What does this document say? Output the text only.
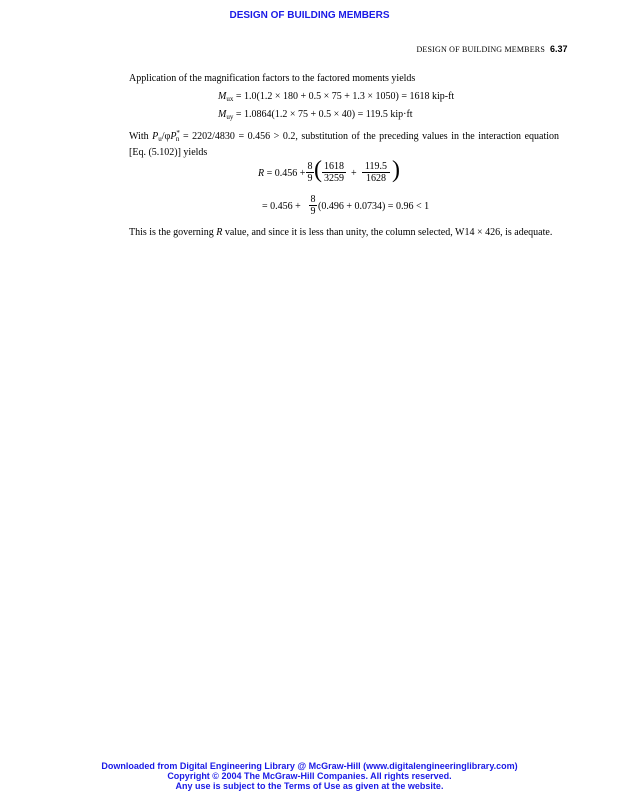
DESIGN OF BUILDING MEMBERS
DESIGN OF BUILDING MEMBERS 6.37
Application of the magnification factors to the factored moments yields
$M_{ux} = 1.0(1.2 \times 180 + 0.5 \times 75 + 1.3 \times 1050) = 1618$ kip-ft
$M_{uy} = 1.0864(1.2 \times 75 + 0.5 \times 40) = 119.5$ kip·ft
With $P_u/\varphi P^*_n = 2202/4830 = 0.456 > 0.2$, substitution of the preceding values in the interaction equation [Eq. (5.102)] yields
$R = 0.456 + \frac{8}{9}$ ( $\frac{1618}{3259} + \frac{119.5}{1628}$ )
= $0.456 + \frac{8}{9} (0.496 + 0.0734) = 0.96 < 1$
This is the governing R value, and since it is less than unity, the column selected, W14 × 426, is adequate.
Downloaded from Digital Engineering Library @ McGraw-Hill (www.digitalengineeringlibrary.com)
Copyright © 2004 The McGraw-Hill Companies. All rights reserved.
Any use is subject to the Terms of Use as given at the website.
